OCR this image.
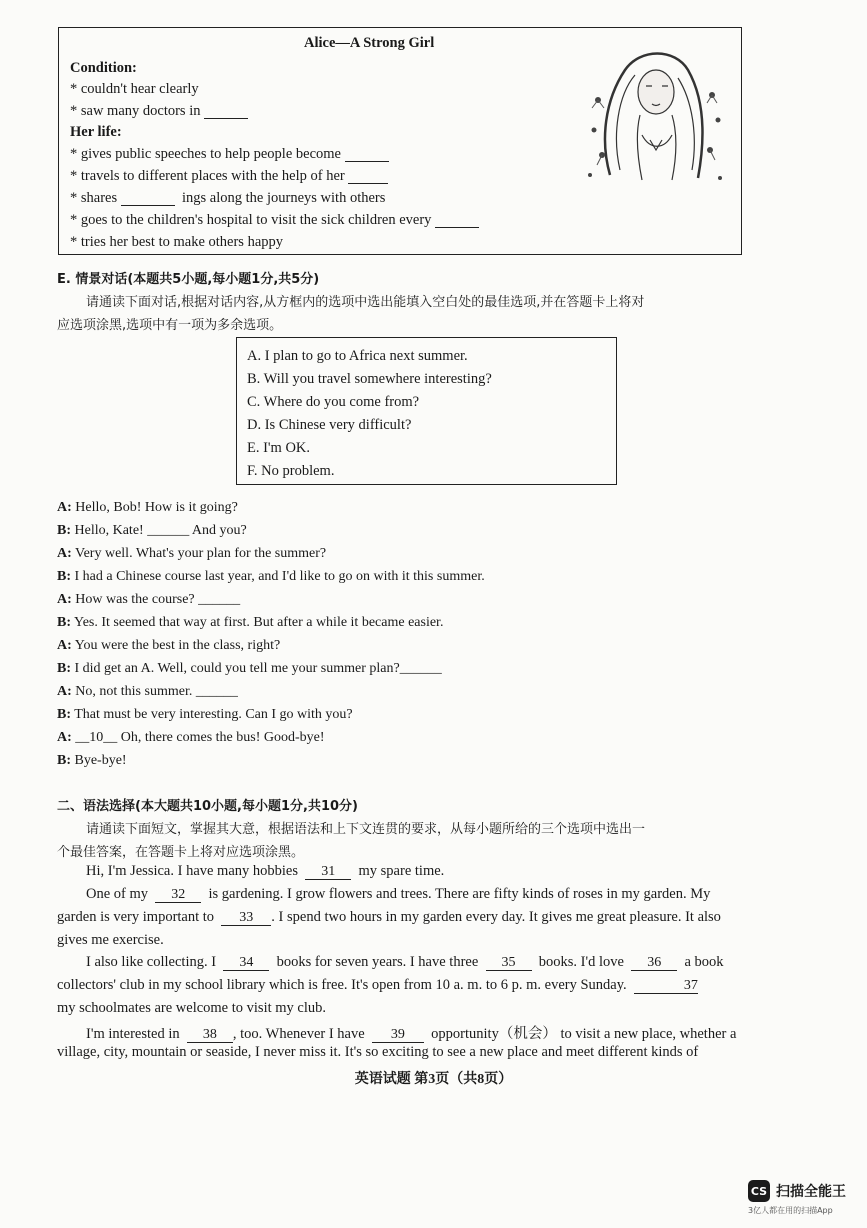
Alice—A Strong Girl
Condition:
* couldn't hear clearly
* saw many doctors in
Her life:
* gives public speeches to help people become
* travels to different places with the help of her
* shares	ings along the journeys with others
* goes to the children's hospital to visit the sick children every
* tries her best to make others happy
E. 情景对话(本题共5小题,每小题1分,共5分)
请通读下面对话,根据对话内容,从方框内的选项中选出能填入空白处的最佳选项,并在答题卡上将对
应选项涂黑,选项中有一项为多余选项。
A. I plan to go to Africa next summer.
B. Will you travel somewhere interesting?
C. Where do you come from?
D. Is Chinese very difficult?
E. I'm OK.
F. No problem.
A: Hello, Bob! How is it going?
B: Hello, Kate! ______ And you?
A: Very well. What's your plan for the summer?
B: I had a Chinese course last year, and I'd like to go on with it this summer.
A: How was the course? ______
B: Yes. It seemed that way at first. But after a while it became easier.
A: You were the best in the class, right?
B: I did get an A. Well, could you tell me your summer plan?______
A: No, not this summer. ______
B: That must be very interesting. Can I go with you?
A: __10__ Oh, there comes the bus! Good-bye!
B: Bye-bye!
二、语法选择(本大题共10小题,每小题1分,共10分)
请通读下面短文，掌握其大意，根据语法和上下文连贯的要求，从每小题所给的三个选项中选出一
个最佳答案，在答题卡上将对应选项涂黑。
Hi, I'm Jessica. I have many hobbies 31 my spare time.
One of my 32 is gardening. I grow flowers and trees. There are fifty kinds of roses in my garden. My
garden is very important to 33 . I spend two hours in my garden every day. It gives me great pleasure. It also
gives me exercise.
I also like collecting. I 34 books for seven years. I have three 35 books. I'd love 36 a book
collectors' club in my school library which is free. It's open from 10 a. m. to 6 p. m. every Sunday.	37
my schoolmates are welcome to visit my club.
I'm interested in 38 , too. Whenever I have 39 opportunity（机会） to visit a new place, whether a
village, city, mountain or seaside, I never miss it. It's so exciting to see a new place and meet different kinds of
英语试题 第3页（共8页）
CS 扫描全能王
3亿人都在用的扫描App
